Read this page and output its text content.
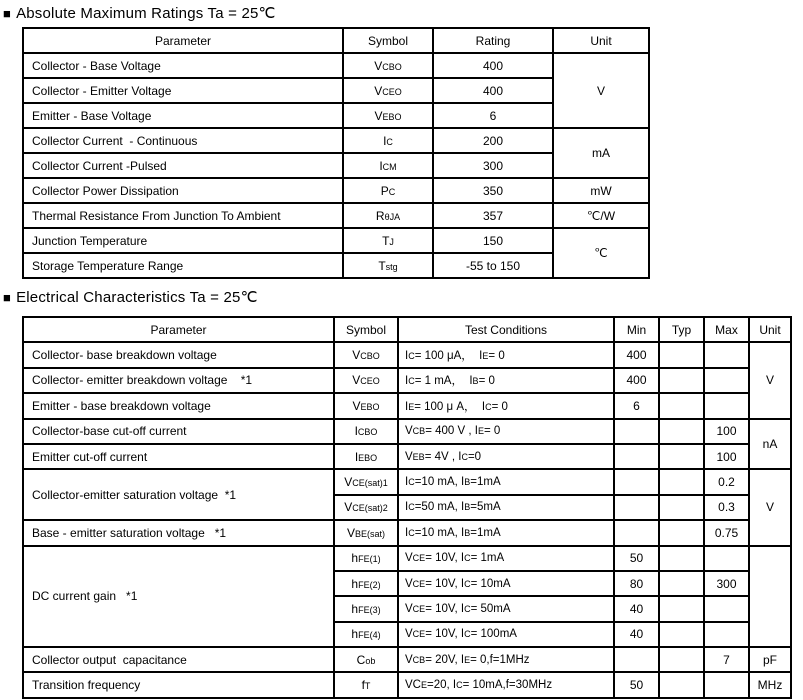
■ Absolute Maximum Ratings Ta = 25℃
Parameter	Symbol	Rating	Unit
Collector - Base Voltage	VCBO	400	V
Collector - Emitter Voltage	VCEO	400	
Emitter - Base Voltage	VEBO	6	
Collector Current  - Continuous	IC	200	mA
Collector Current -Pulsed	ICM	300	
Collector Power Dissipation	PC	350	mW
Thermal Resistance From Junction To Ambient	RθJA	357	℃/W
Junction Temperature	TJ	150	℃
Storage Temperature Range	Tstg	-55 to 150	
■ Electrical Characteristics Ta = 25℃
Parameter	Symbol	Test Conditions	Min	Typ	Max	Unit
Collector- base breakdown voltage	VCBO	IC= 100 μA，  IE= 0	400			V
Collector- emitter breakdown voltage    *1	VCEO	IC= 1 mA，  IB= 0	400			
Emitter - base breakdown voltage	VEBO	IE= 100 μ A，  IC= 0	6			
Collector-base cut-off current	ICBO	VCB= 400 V , IE= 0			100	nA
Emitter cut-off current	IEBO	VEB= 4V , IC=0			100	
Collector-emitter saturation voltage  *1	VCE(sat)1	IC=10 mA, IB=1mA			0.2	V
	VCE(sat)2	IC=50 mA, IB=5mA			0.3	
Base - emitter saturation voltage   *1	VBE(sat)	IC=10 mA, IB=1mA			0.75	
DC current gain   *1	hFE(1)	VCE= 10V, IC= 1mA	50			
	hFE(2)	VCE= 10V, IC= 10mA	80		300	
	hFE(3)	VCE= 10V, IC= 50mA	40			
	hFE(4)	VCE= 10V, IC= 100mA	40			
Collector output  capacitance	Cob	VCB= 20V, IE= 0,f=1MHz			7	pF
Transition frequency	fT	VCE=20, IC= 10mA,f=30MHz	50			MHz
